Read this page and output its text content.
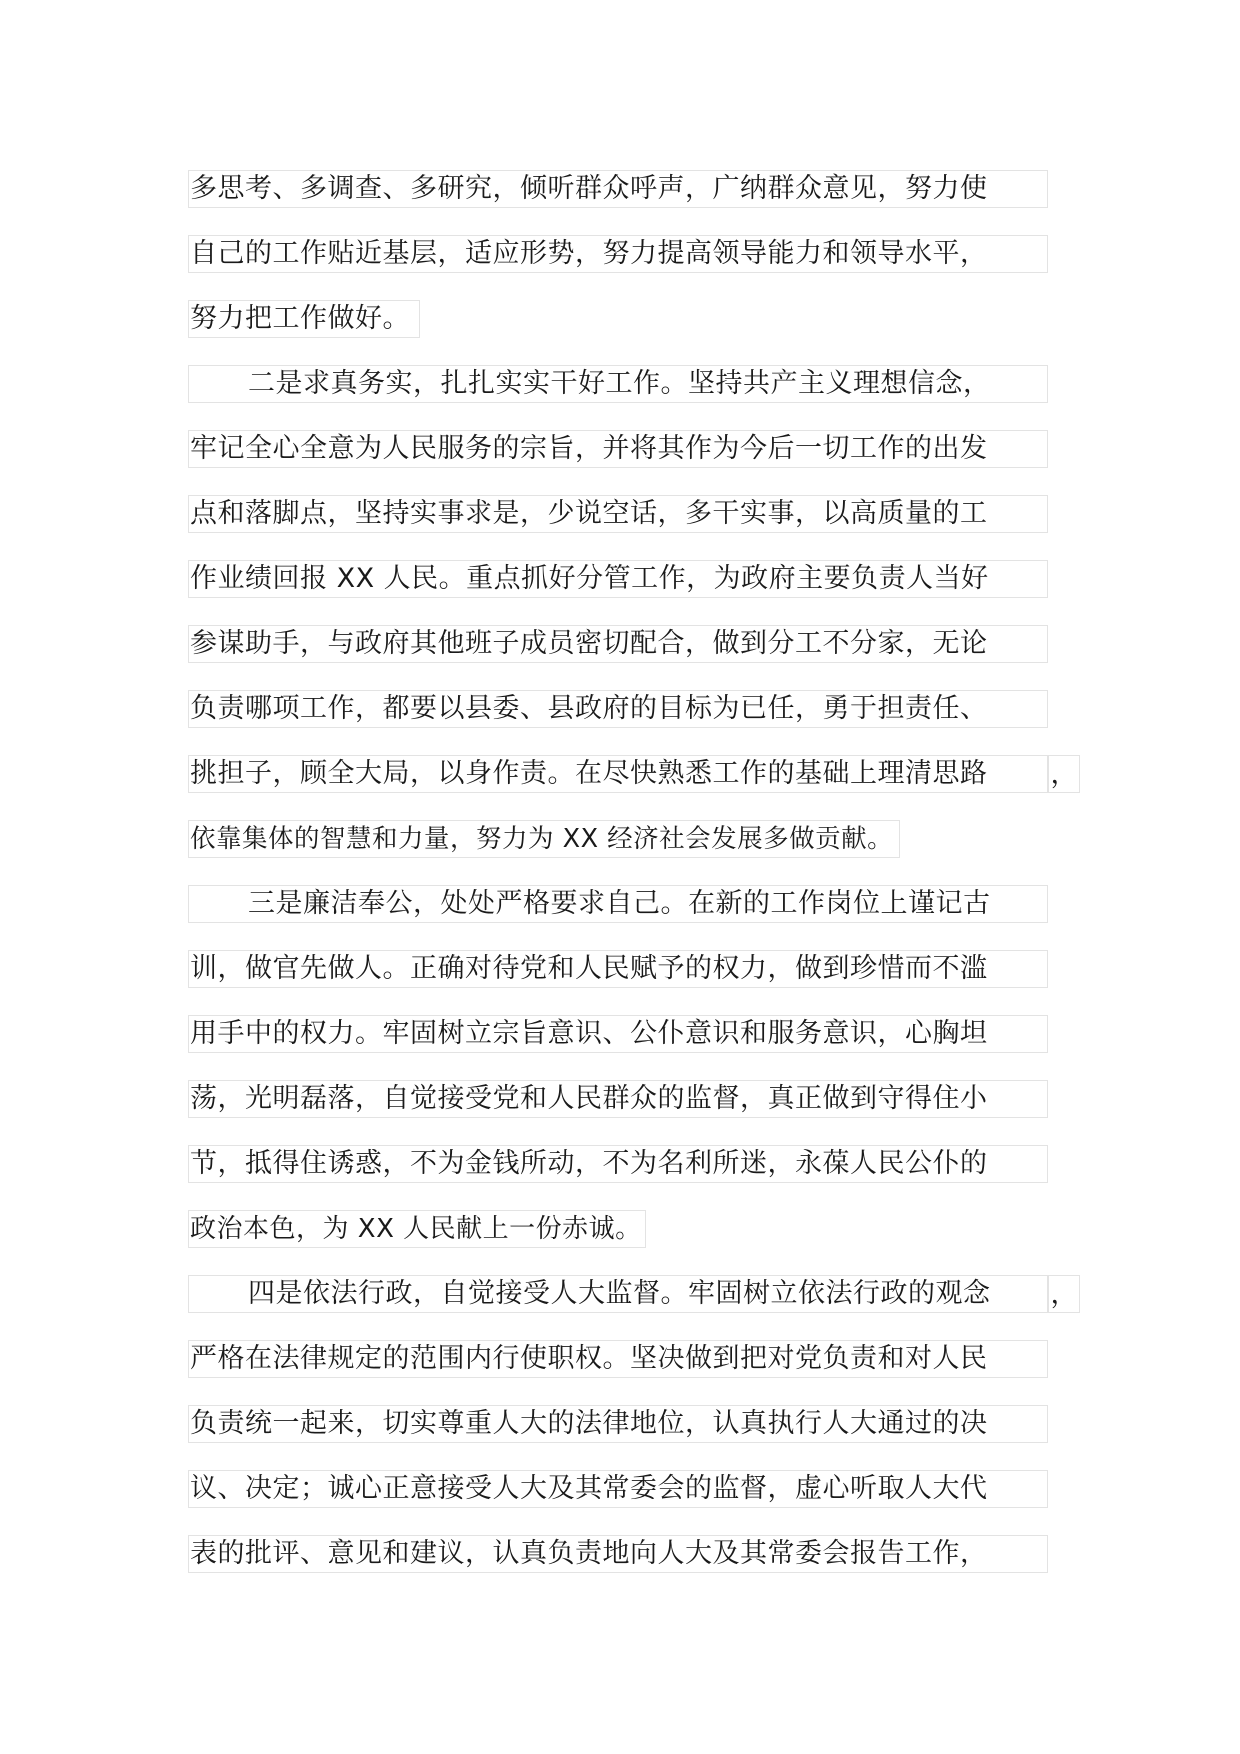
多思考、多调查、多研究，倾听群众呼声，广纳群众意见，努力使
自己的工作贴近基层，适应形势，努力提高领导能力和领导水平，
努力把工作做好。
二是求真务实，扎扎实实干好工作。坚持共产主义理想信念，
牢记全心全意为人民服务的宗旨，并将其作为今后一切工作的出发
点和落脚点，坚持实事求是，少说空话，多干实事，以高质量的工
作业绩回报 XX 人民。重点抓好分管工作，为政府主要负责人当好
参谋助手，与政府其他班子成员密切配合，做到分工不分家，无论
负责哪项工作，都要以县委、县政府的目标为已任，勇于担责任、
挑担子，顾全大局，以身作责。在尽快熟悉工作的基础上理清思路 ，
依靠集体的智慧和力量，努力为 XX 经济社会发展多做贡献。
三是廉洁奉公，处处严格要求自己。在新的工作岗位上谨记古
训，做官先做人。正确对待党和人民赋予的权力，做到珍惜而不滥
用手中的权力。牢固树立宗旨意识、公仆意识和服务意识，心胸坦
荡，光明磊落，自觉接受党和人民群众的监督，真正做到守得住小
节，抵得住诱惑，不为金钱所动，不为名利所迷，永葆人民公仆的
政治本色，为 XX 人民献上一份赤诚。
四是依法行政，自觉接受人大监督。牢固树立依法行政的观念 ，
严格在法律规定的范围内行使职权。坚决做到把对党负责和对人民
负责统一起来，切实尊重人大的法律地位，认真执行人大通过的决
议、决定；诚心正意接受人大及其常委会的监督，虚心听取人大代
表的批评、意见和建议，认真负责地向人大及其常委会报告工作，
